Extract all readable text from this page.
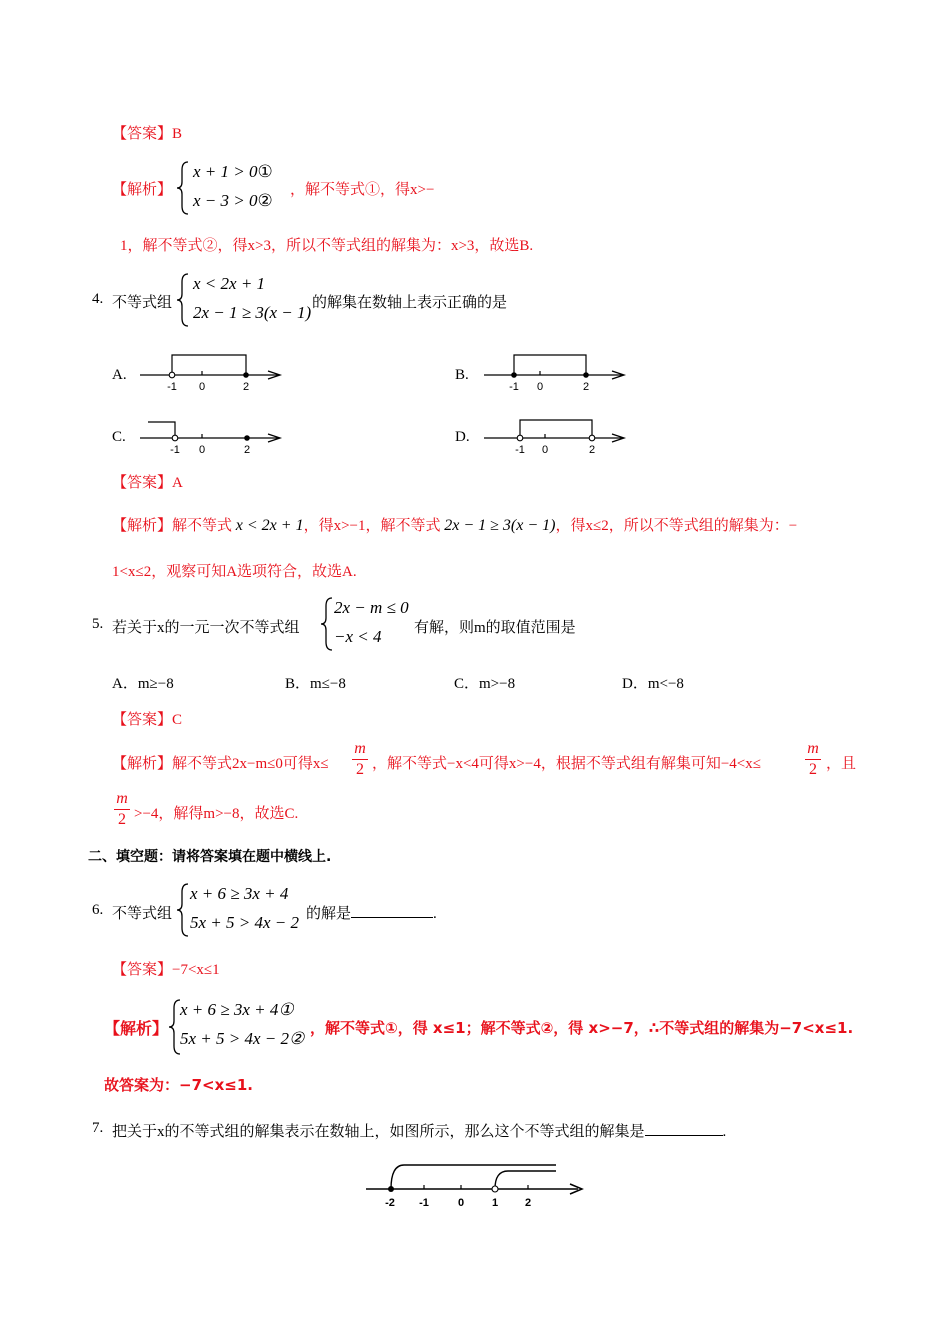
【答案】B
【解析】
x + 1 > 0①
x − 3 > 0②
，解不等式①，得x>−
1，解不等式②，得x>3，所以不等式组的解集为：x>3，故选B.
4. 不等式组
x < 2x + 1
2x − 1 ≥ 3(x − 1) 的解集在数轴上表示正确的是
A.
-1 0	2
B.
-1 0	2
C.
-1 0	2
D.
-1 0	2
【答案】A
【解析】解不等式 x < 2x + 1，得x>−1，解不等式 2x − 1 ≥ 3(x − 1)，得x≤2，所以不等式组的解集为：−
1<x≤2，观察可知A选项符合，故选A.
5. 若关于x的一元一次不等式组
2x − m ≤ 0
−x < 4 有解，则m的取值范围是
A．m≥−8	B．m≤−8	C．m>−8	D．m<−8
【答案】C
【解析】解不等式2x−m≤0可得x≤
m
2 ，解不等式−x<4可得x>−4，根据不等式组有解集可知−4<x≤
m
2 ，且
m
2 >−4，解得m>−8，故选C.
二、填空题：请将答案填在题中横线上.
6. 不等式组
x + 6 ≥ 3x + 4
5x + 5 > 4x − 2 的解是	.
【答案】−7<x≤1
【解析】
x + 6 ≥ 3x + 4①
5x + 5 > 4x − 2②
，解不等式①，得 x≤1；解不等式②，得 x>−7，∴不等式组的解集为−7<x≤1.
故答案为：−7<x≤1.
7. 把关于x的不等式组的解集表示在数轴上，如图所示，那么这个不等式组的解集是	.
-2 -1	0	1 2
